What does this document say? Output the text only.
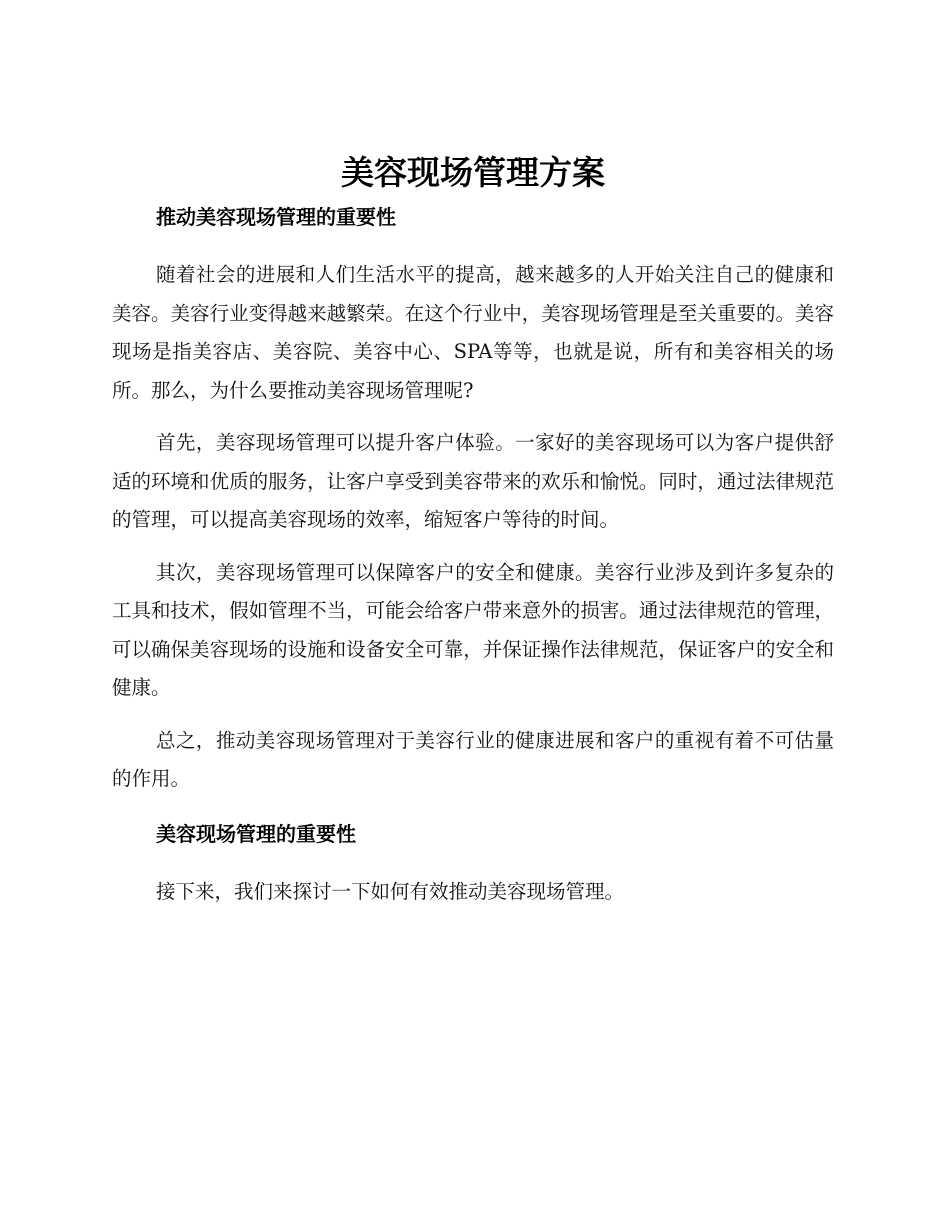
美容现场管理方案
推动美容现场管理的重要性

随着社会的进展和人们生活水平的提高，越来越多的人开始关注自己的健康和美容。美容行业变得越来越繁荣。在这个行业中，美容现场管理是至关重要的。美容现场是指美容店、美容院、美容中心、SPA等等，也就是说，所有和美容相关的场所。那么，为什么要推动美容现场管理呢?

首先，美容现场管理可以提升客户体验。一家好的美容现场可以为客户提供舒适的环境和优质的服务，让客户享受到美容带来的欢乐和愉悦。同时，通过法律规范的管理，可以提高美容现场的效率，缩短客户等待的时间。

其次，美容现场管理可以保障客户的安全和健康。美容行业涉及到许多复杂的工具和技术，假如管理不当，可能会给客户带来意外的损害。通过法律规范的管理，可以确保美容现场的设施和设备安全可靠，并保证操作法律规范，保证客户的安全和健康。

总之，推动美容现场管理对于美容行业的健康进展和客户的重视有着不可估量的作用。

美容现场管理的重要性

接下来，我们来探讨一下如何有效推动美容现场管理。
